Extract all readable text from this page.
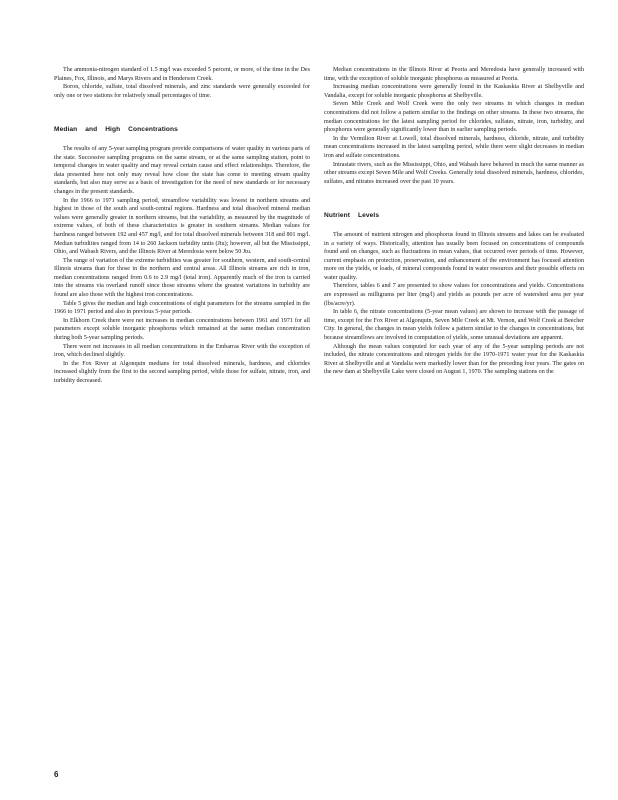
The ammonia-nitrogen standard of 1.5 mg/l was exceeded 5 percent, or more, of the time in the Des Plaines, Fox, Illinois, and Marys Rivers and in Henderson Creek.

Boron, chloride, sulfate, total dissolved minerals, and zinc standards were generally exceeded for only one or two stations for relatively small percentages of time.

Median and High Concentrations

The results of any 5-year sampling program provide comparisons of water quality in various parts of the state. Successive sampling programs on the same stream, or at the same sampling station, point to temporal changes in water quality and may reveal certain cause and effect relationships. Therefore, the data presented here not only may reveal how close the state has come to meeting stream quality standards, but also may serve as a basis of investigation for the need of new standards or for necessary changes in the present standards.

In the 1966 to 1971 sampling period, streamflow variability was lowest in northern streams and highest in those of the south and south-central regions. Hardness and total dissolved mineral median values were generally greater in northern streams, but the variability, as measured by the magnitude of extreme values, of both of these characteristics is greater in southern streams. Median values for hardness ranged between 192 and 457 mg/l, and for total dissolved minerals between 318 and 801 mg/l. Median turbidities ranged from 14 to 260 Jackson turbidity units (Jtu); however, all but the Mississippi, Ohio, and Wabash Rivers, and the Illinois River at Meredosia were below 50 Jtu.

The range of variation of the extreme turbidities was greater for southern, western, and south-central Illinois streams than for those in the northern and central areas. All Illinois streams are rich in iron, median concentrations ranged from 0.6 to 2.9 mg/l (total iron). Apparently much of the iron is carried into the streams via overland runoff since those streams where the greatest variations in turbidity are found are also those with the highest iron concentrations.

Table 5 gives the median and high concentrations of eight parameters for the streams sampled in the 1966 to 1971 period and also in previous 5-year periods.

In Elkhorn Creek there were net increases in median concentrations between 1961 and 1971 for all parameters except soluble inorganic phosphorus which remained at the same median concentration during both 5-year sampling periods.

There were net increases in all median concentrations in the Embarras River with the exception of iron, which declined slightly.

In the Fox River at Algonquin medians for total dissolved minerals, hardness, and chlorides increased slightly from the first to the second sampling period, while those for sulfate, nitrate, iron, and turbidity decreased.

Median concentrations in the Illinois River at Peoria and Meredosia have generally increased with time, with the exception of soluble inorganic phosphorus as measured at Peoria.

Increasing median concentrations were generally found in the Kaskaskia River at Shelbyville and Vandalia, except for soluble inorganic phosphorus at Shelbyville.

Seven Mile Creek and Wolf Creek were the only two streams in which changes in median concentrations did not follow a pattern similar to the findings on other streams. In these two streams, the median concentrations for the latest sampling period for chlorides, sulfates, nitrate, iron, turbidity, and phosphorus were generally significantly lower than in earlier sampling periods.

In the Vermilion River at Lowell, total dissolved minerals, hardness, chloride, nitrate, and turbidity mean concentrations increased in the latest sampling period, while there were slight decreases in median iron and sulfate concentrations.

Intrastate rivers, such as the Mississippi, Ohio, and Wabash have behaved in much the same manner as other streams except Seven Mile and Wolf Creeks. Generally total dissolved minerals, hardness, chlorides, sulfates, and nitrates increased over the past 10 years.

Nutrient Levels

The amount of nutrient nitrogen and phosphorus found in Illinois streams and lakes can be evaluated in a variety of ways. Historically, attention has usually been focused on concentrations of compounds found and on changes, such as fluctuations in mean values, that occurred over periods of time. However, current emphasis on protection, preservation, and enhancement of the environment has focused attention more on the yields, or loads, of mineral compounds found in water resources and their possible effects on water quality.

Therefore, tables 6 and 7 are presented to show values for concentrations and yields. Concentrations are expressed as milligrams per liter (mg/l) and yields as pounds per acre of watershed area per year (lbs/acre/yr).

In table 6, the nitrate concentrations (5-year mean values) are shown to increase with the passage of time, except for the Fox River at Algonquin, Seven Mile Creek at Mt. Vernon, and Wolf Creek at Beecher City. In general, the changes in mean yields follow a pattern similar to the changes in concentrations, but because streamflows are involved in computation of yields, some unusual deviations are apparent.

Although the mean values computed for each year of any of the 5-year sampling periods are not included, the nitrate concentrations and nitrogen yields for the 1970-1971 water year for the Kaskaskia River at Shelbyville and at Vandalia were markedly lower than for the preceding four years. The gates on the new dam at Shelbyville Lake were closed on August 1, 1970. The sampling stations on the

6
